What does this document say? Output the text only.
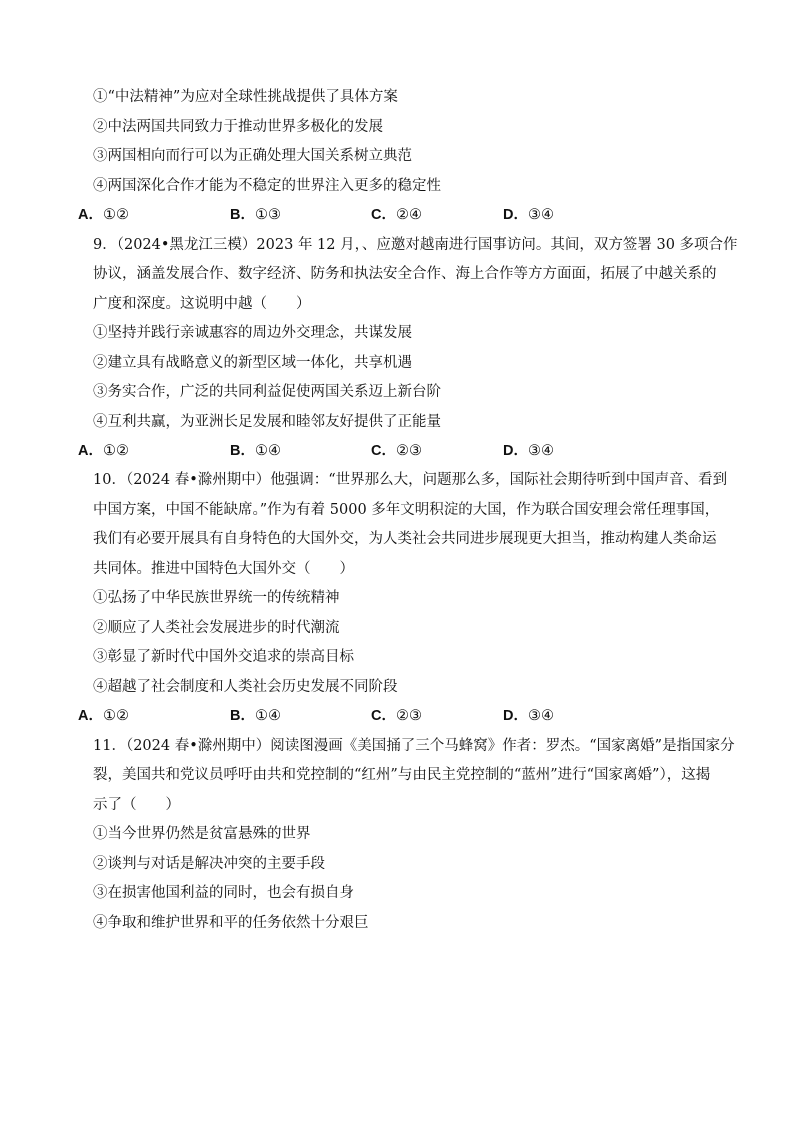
①“中法精神”为应对全球性挑战提供了具体方案
②中法两国共同致力于推动世界多极化的发展
③两国相向而行可以为正确处理大国关系树立典范
④两国深化合作才能为不稳定的世界注入更多的稳定性
A．①②	B．①③	C．②④	D．③④
9．（2024•黑龙江三模）2023 年 12 月，、应邀对越南进行国事访问。其间，双方签署 30 多项合作
协议，涵盖发展合作、数字经济、防务和执法安全合作、海上合作等方方面面，拓展了中越关系的
广度和深度。这说明中越（　　）
①坚持并践行亲诚惠容的周边外交理念，共谋发展
②建立具有战略意义的新型区域一体化，共享机遇
③务实合作，广泛的共同利益促使两国关系迈上新台阶
④互利共赢，为亚洲长足发展和睦邻友好提供了正能量
A．①②	B．①④	C．②③	D．③④
10．（2024 春•滁州期中）他强调：“世界那么大，问题那么多，国际社会期待听到中国声音、看到
中国方案，中国不能缺席。”作为有着 5000 多年文明积淀的大国，作为联合国安理会常任理事国，
我们有必要开展具有自身特色的大国外交，为人类社会共同进步展现更大担当，推动构建人类命运
共同体。推进中国特色大国外交（　　）
①弘扬了中华民族世界统一的传统精神
②顺应了人类社会发展进步的时代潮流
③彰显了新时代中国外交追求的崇高目标
④超越了社会制度和人类社会历史发展不同阶段
A．①②	B．①④	C．②③	D．③④
11．（2024 春•滁州期中）阅读图漫画《美国捅了三个马蜂窝》作者：罗杰。“国家离婚”是指国家分
裂，美国共和党议员呼吁由共和党控制的“红州”与由民主党控制的“蓝州”进行“国家离婚”），这揭
示了（　　）
①当今世界仍然是贫富悬殊的世界
②谈判与对话是解决冲突的主要手段
③在损害他国利益的同时，也会有损自身
④争取和维护世界和平的任务依然十分艰巨
